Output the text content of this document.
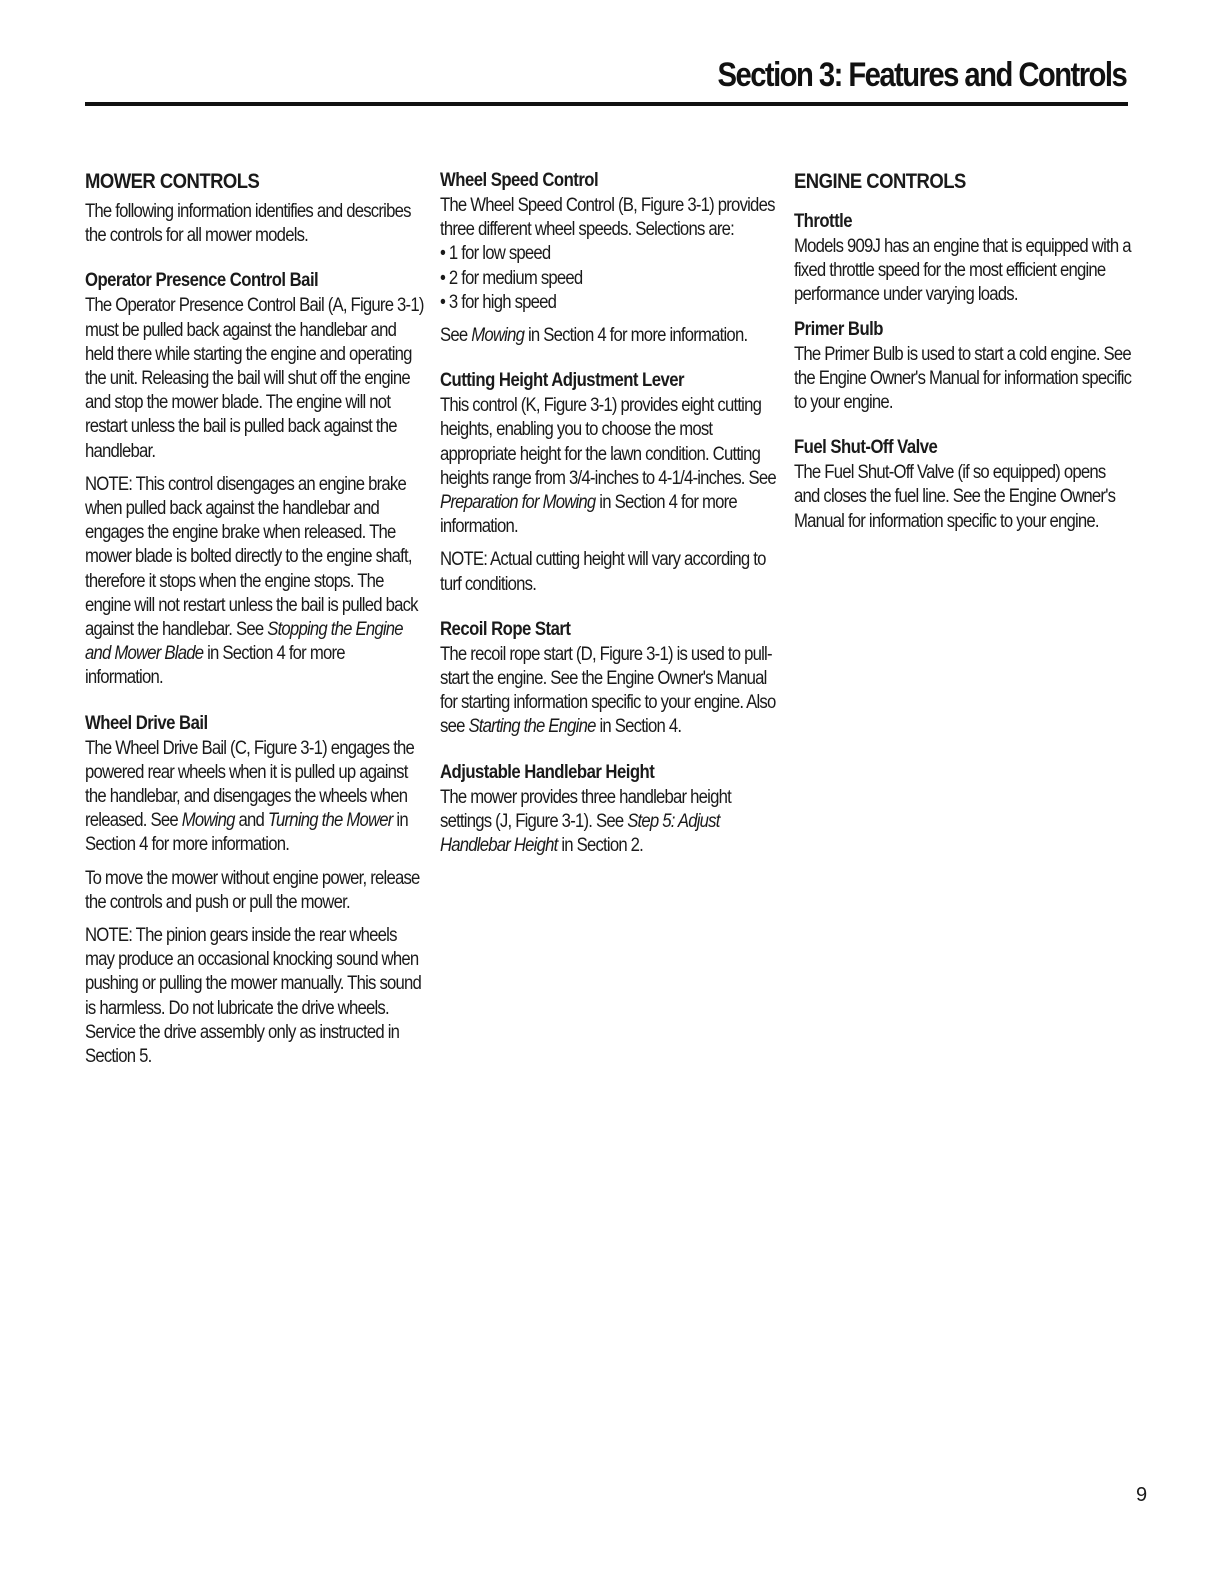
Section 3: Features and Controls
MOWER CONTROLS

The following information identifies and describes the controls for all mower models.

Operator Presence Control Bail

The Operator Presence Control Bail (A, Figure 3-1) must be pulled back against the handlebar and held there while starting the engine and operating the unit. Releasing the bail will shut off the engine and stop the mower blade. The engine will not restart unless the bail is pulled back against the handlebar.

NOTE: This control disengages an engine brake when pulled back against the handlebar and engages the engine brake when released. The mower blade is bolted directly to the engine shaft, therefore it stops when the engine stops. The engine will not restart unless the bail is pulled back against the handlebar. See Stopping the Engine and Mower Blade in Section 4 for more information.

Wheel Drive Bail

The Wheel Drive Bail (C, Figure 3-1) engages the powered rear wheels when it is pulled up against the handlebar, and disengages the wheels when released. See Mowing and Turning the Mower in Section 4 for more information.

To move the mower without engine power, release the controls and push or pull the mower.

NOTE: The pinion gears inside the rear wheels may produce an occasional knocking sound when pushing or pulling the mower manually. This sound is harmless. Do not lubricate the drive wheels. Service the drive assembly only as instructed in Section 5.

Wheel Speed Control

The Wheel Speed Control (B, Figure 3-1) provides three different wheel speeds. Selections are:

• 1 for low speed
• 2 for medium speed
• 3 for high speed

See Mowing in Section 4 for more information.

Cutting Height Adjustment Lever

This control (K, Figure 3-1) provides eight cutting heights, enabling you to choose the most appropriate height for the lawn condition. Cutting heights range from 3/4-inches to 4-1/4-inches. See Preparation for Mowing in Section 4 for more information.

NOTE: Actual cutting height will vary according to turf conditions.

Recoil Rope Start

The recoil rope start (D, Figure 3-1) is used to pull-start the engine. See the Engine Owner's Manual for starting information specific to your engine. Also see Starting the Engine in Section 4.

Adjustable Handlebar Height

The mower provides three handlebar height settings (J, Figure 3-1). See Step 5: Adjust Handlebar Height in Section 2.

ENGINE CONTROLS
Throttle

Models 909J has an engine that is equipped with a fixed throttle speed for the most efficient engine performance under varying loads.

Primer Bulb

The Primer Bulb is used to start a cold engine. See the Engine Owner's Manual for information specific to your engine.

Fuel Shut-Off Valve

The Fuel Shut-Off Valve (if so equipped) opens and closes the fuel line. See the Engine Owner's Manual for information specific to your engine.

9
